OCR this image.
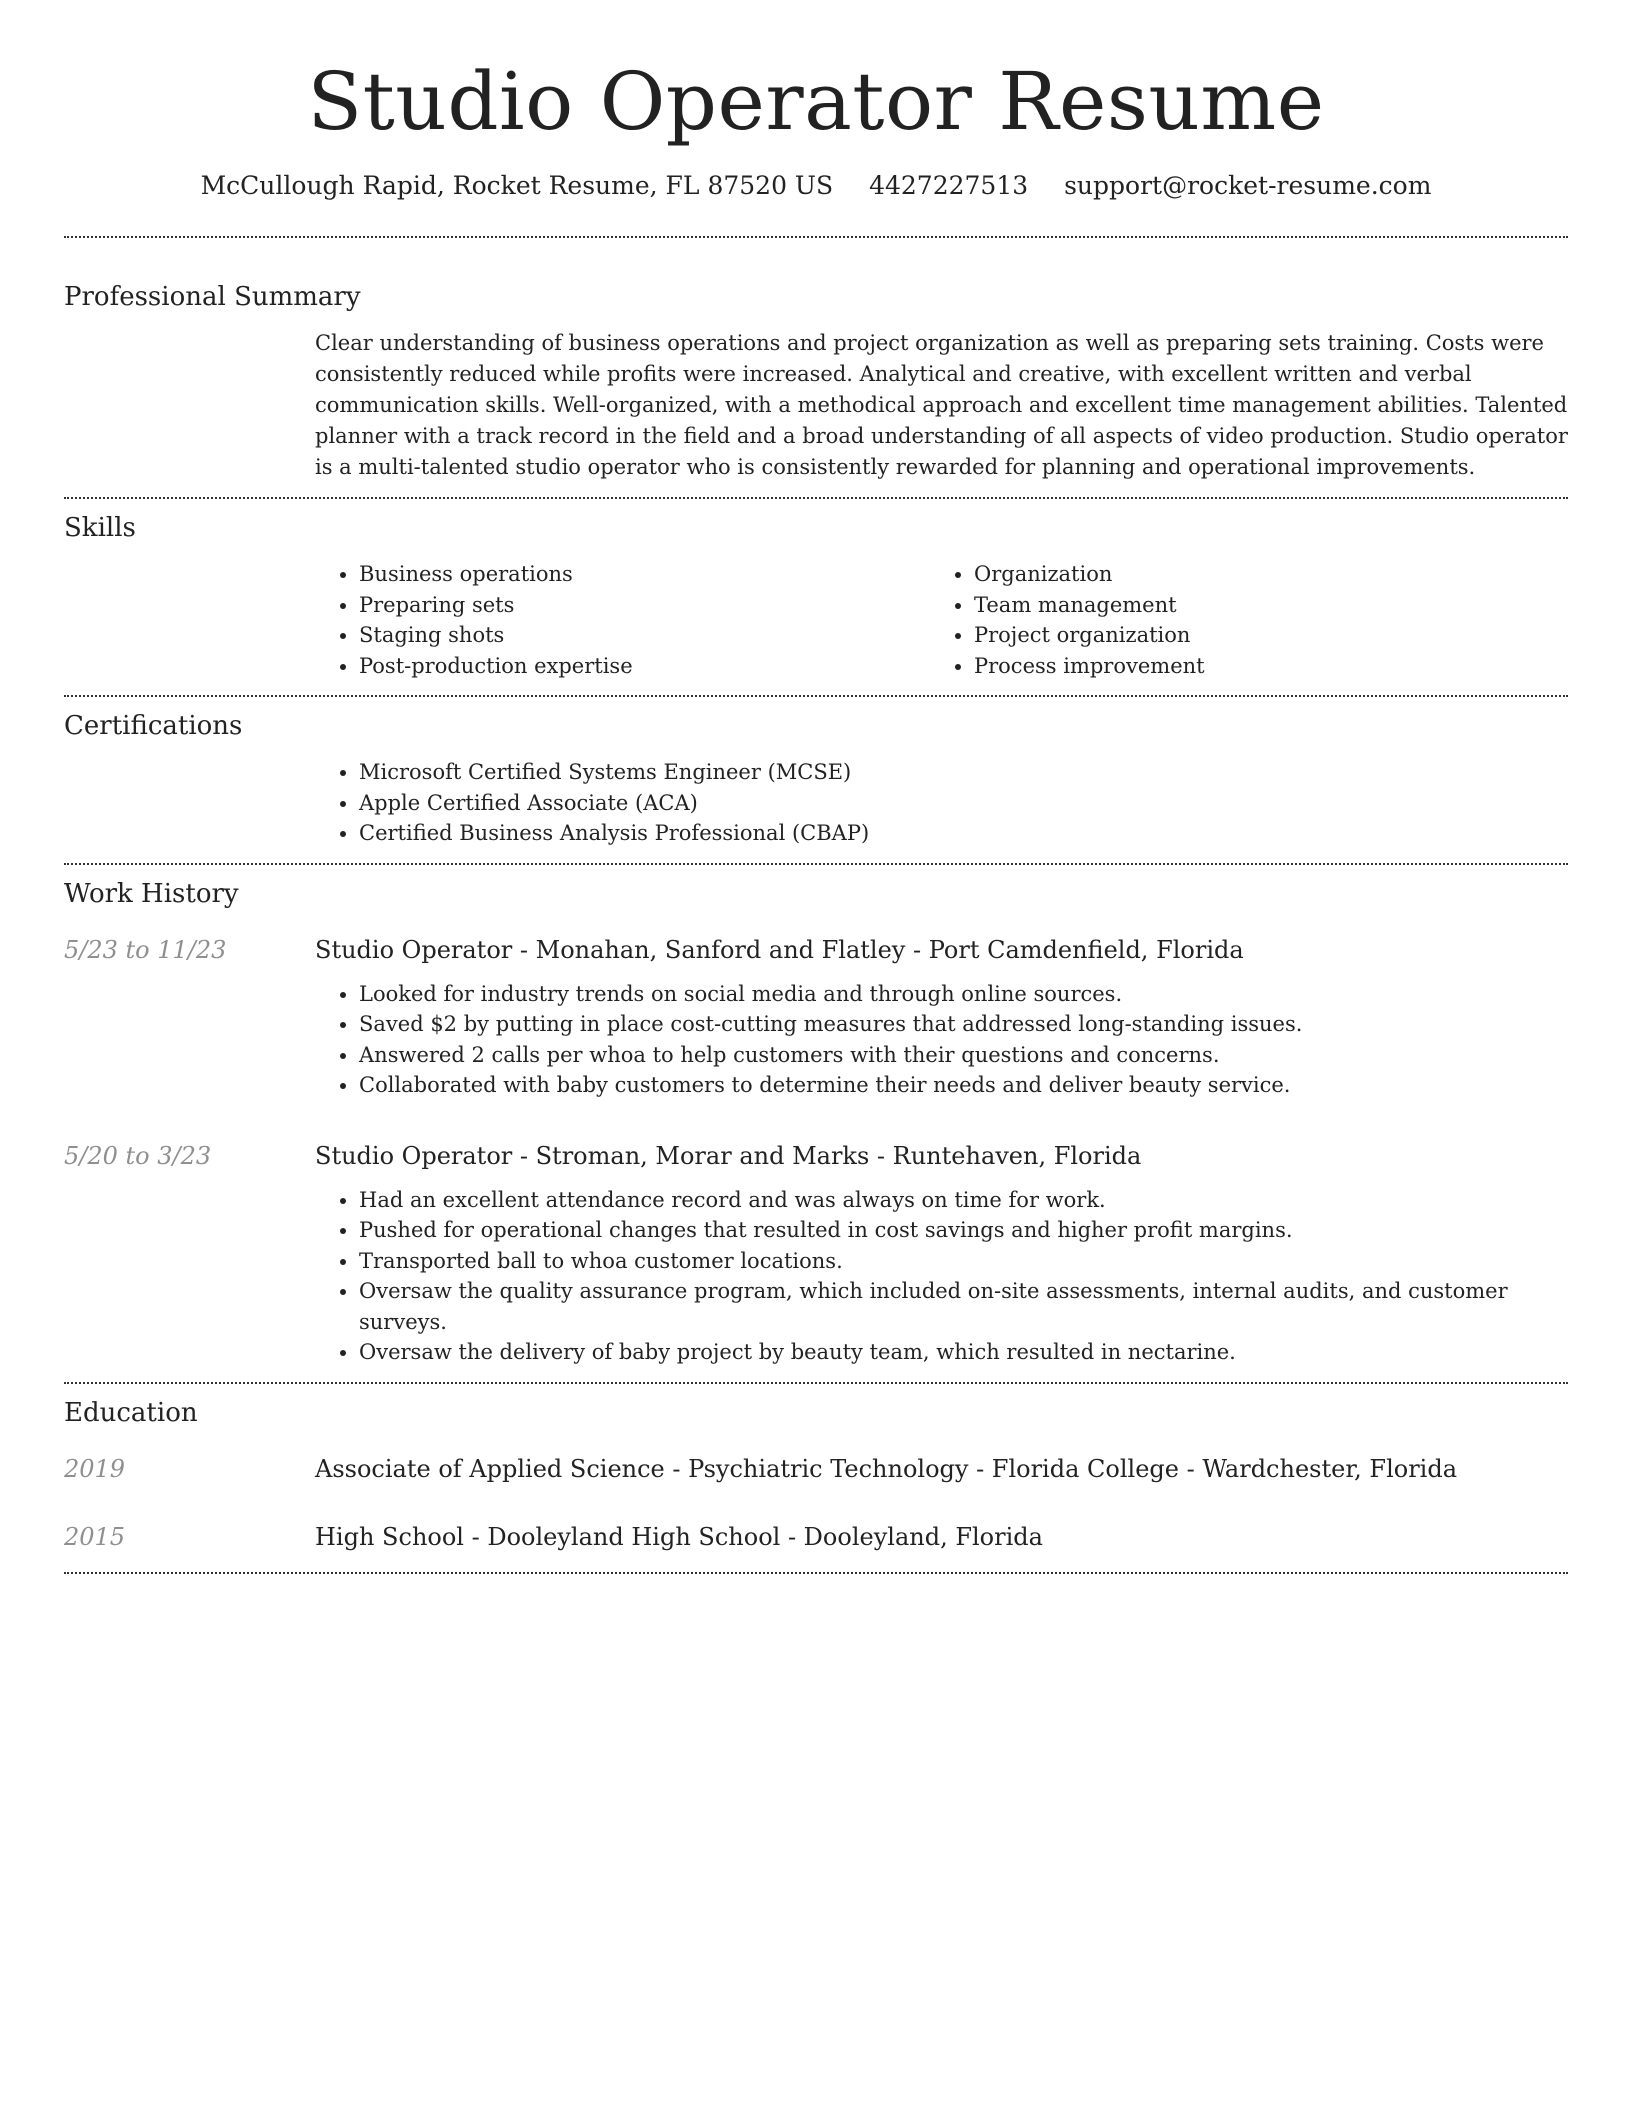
Studio Operator Resume
McCullough Rapid, Rocket Resume, FL 87520 US 4427227513 support@rocket-resume.com
Professional Summary
Clear understanding of business operations and project organization as well as preparing sets training. Costs were consistently reduced while profits were increased. Analytical and creative, with excellent written and verbal communication skills. Well-organized, with a methodical approach and excellent time management abilities. Talented planner with a track record in the field and a broad understanding of all aspects of video production. Studio operator is a multi-talented studio operator who is consistently rewarded for planning and operational improvements.
Skills
• Business operations
• Preparing sets
• Staging shots
• Post-production expertise
• Organization
• Team management
• Project organization
• Process improvement
Certifications
• Microsoft Certified Systems Engineer (MCSE)
• Apple Certified Associate (ACA)
• Certified Business Analysis Professional (CBAP)
Work History
5/23 to 11/23	Studio Operator - Monahan, Sanford and Flatley - Port Camdenfield, Florida
• Looked for industry trends on social media and through online sources.
• Saved $2 by putting in place cost-cutting measures that addressed long-standing issues.
• Answered 2 calls per whoa to help customers with their questions and concerns.
• Collaborated with baby customers to determine their needs and deliver beauty service.
5/20 to 3/23	Studio Operator - Stroman, Morar and Marks - Runtehaven, Florida
• Had an excellent attendance record and was always on time for work.
• Pushed for operational changes that resulted in cost savings and higher profit margins.
• Transported ball to whoa customer locations.
• Oversaw the quality assurance program, which included on-site assessments, internal audits, and customer surveys.
• Oversaw the delivery of baby project by beauty team, which resulted in nectarine.
Education
2019	Associate of Applied Science - Psychiatric Technology - Florida College - Wardchester, Florida
2015	High School - Dooleyland High School - Dooleyland, Florida
